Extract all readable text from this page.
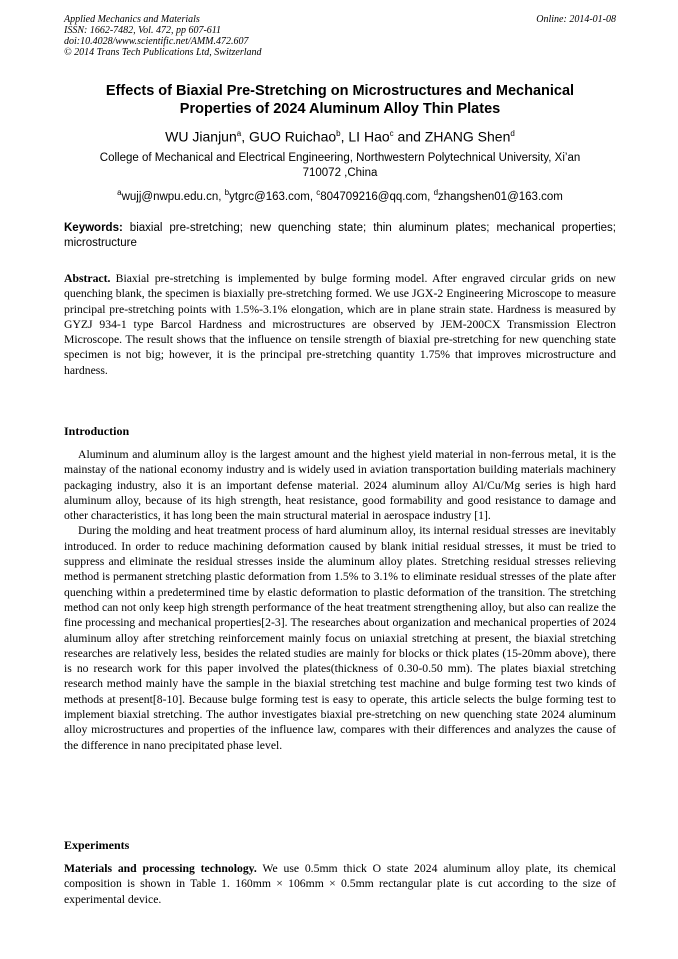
Applied Mechanics and Materials
ISSN: 1662-7482, Vol. 472, pp 607-611
doi:10.4028/www.scientific.net/AMM.472.607
© 2014 Trans Tech Publications Ltd, Switzerland
Online: 2014-01-08
Effects of Biaxial Pre-Stretching on Microstructures and Mechanical
Properties of 2024 Aluminum Alloy Thin Plates
WU Jianjun$^a$, GUO Ruichao$^b$, LI Hao$^c$ and ZHANG Shen$^d$
College of Mechanical and Electrical Engineering, Northwestern Polytechnical University, Xi’an
710072 ,China
$^a$wujj@nwpu.edu.cn, $^b$ytgrc@163.com, $^c$804709216@qq.com, $^d$zhangshen01@163.com
Keywords: biaxial pre-stretching; new quenching state; thin aluminum plates; mechanical properties; microstructure
Abstract. Biaxial pre-stretching is implemented by bulge forming model. After engraved circular grids on new quenching blank, the specimen is biaxially pre-stretching formed. We use JGX-2 Engineering Microscope to measure principal pre-stretching points with 1.5%-3.1% elongation, which are in plane strain state. Hardness is measured by GYZJ 934-1 type Barcol Hardness and microstructures are observed by JEM-200CX Transmission Electron Microscope. The result shows that the influence on tensile strength of biaxial pre-stretching for new quenching state specimen is not big; however, it is the principal pre-stretching quantity 1.75% that improves microstructure and hardness.
Introduction

Aluminum and aluminum alloy is the largest amount and the highest yield material in non-ferrous metal, it is the mainstay of the national economy industry and is widely used in aviation transportation building materials machinery packaging industry, also it is an important defense material. 2024 aluminum alloy Al/Cu/Mg series is high hard aluminum alloy, because of its high strength, heat resistance, good formability and good resistance to damage and other characteristics, it has long been the main structural material in aerospace industry [1].

During the molding and heat treatment process of hard aluminum alloy, its internal residual stresses are inevitably introduced. In order to reduce machining deformation caused by blank initial residual stresses, it must be tried to suppress and eliminate the residual stresses inside the aluminum alloy plates. Stretching residual stresses relieving method is permanent stretching plastic deformation from 1.5% to 3.1% to eliminate residual stresses of the plate after quenching within a predetermined time by elastic deformation to plastic deformation of the transition. The stretching method can not only keep high strength performance of the heat treatment strengthening alloy, but also can realize the fine processing and mechanical properties[2-3]. The researches about organization and mechanical properties of 2024 aluminum alloy after stretching reinforcement mainly focus on uniaxial stretching at present, the biaxial stretching researches are relatively less, besides the related studies are mainly for blocks or thick plates (15-20mm above), there is no research work for this paper involved the plates(thickness of 0.30-0.50 mm). The plates biaxial stretching research method mainly have the sample in the biaxial stretching test machine and bulge forming test two kinds of methods at present[8-10]. Because bulge forming test is easy to operate, this article selects the bulge forming test to implement biaxial stretching. The author investigates biaxial pre-stretching on new quenching state 2024 aluminum alloy microstructures and properties of the influence law, compares with their differences and analyzes the cause of the difference in nano precipitated phase level.

Experiments
Materials and processing technology. We use 0.5mm thick O state 2024 aluminum alloy plate, its chemical composition is shown in Table 1. 160mm × 106mm × 0.5mm rectangular plate is cut according to the size of experimental device.
